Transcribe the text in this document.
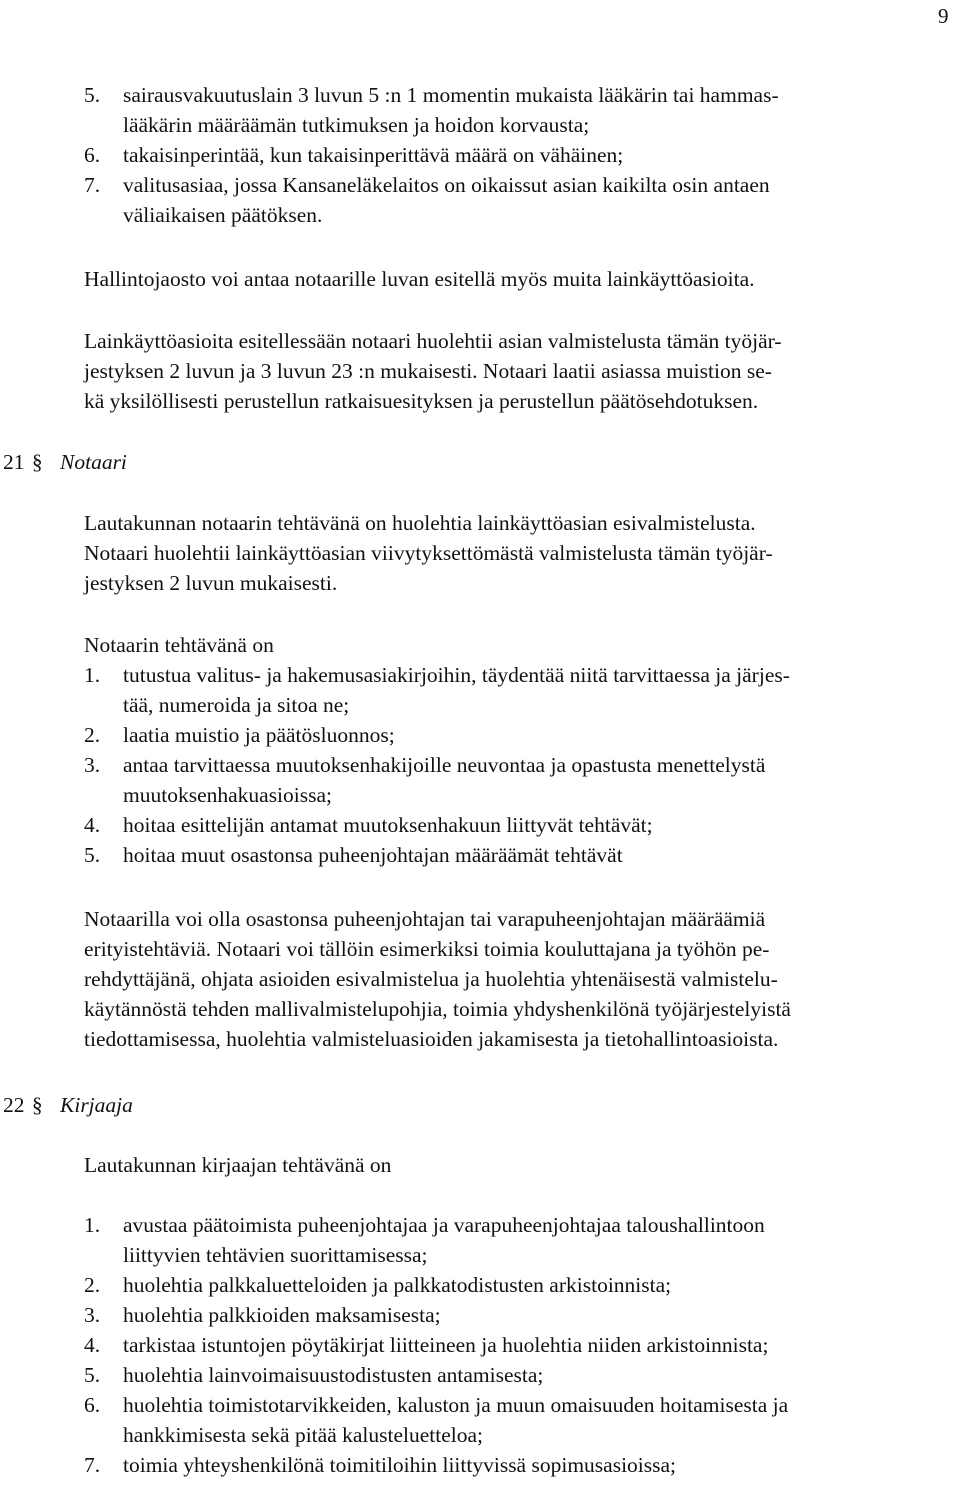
9
5. sairausvakuutuslain 3 luvun 5 :n 1 momentin mukaista lääkärin tai hammas-
lääkärin määräämän tutkimuksen ja hoidon korvausta;
6. takaisinperintää, kun takaisinperittävä määrä on vähäinen;
7. valitusasiaa, jossa Kansaneläkelaitos on oikaissut asian kaikilta osin antaen
väliaikaisen päätöksen.
Hallintojaosto voi antaa notaarille luvan esitellä myös muita lainkäyttöasioita.
Lainkäyttöasioita esitellessään notaari huolehtii asian valmistelusta tämän työjär-
jestyksen 2 luvun ja 3 luvun 23 :n mukaisesti. Notaari laatii asiassa muistion se-
kä yksilöllisesti perustellun ratkaisuesityksen ja perustellun päätösehdotuksen.
21 § Notaari
Lautakunnan notaarin tehtävänä on huolehtia lainkäyttöasian esivalmistelusta.
Notaari huolehtii lainkäyttöasian viivytyksettömästä valmistelusta tämän työjär-
jestyksen 2 luvun mukaisesti.
Notaarin tehtävänä on
1. tutustua valitus- ja hakemusasiakirjoihin, täydentää niitä tarvittaessa ja järjes-
tää, numeroida ja sitoa ne;
2. laatia muistio ja päätösluonnos;
3. antaa tarvittaessa muutoksenhakijoille neuvontaa ja opastusta menettelystä
muutoksenhakuasioissa;
4. hoitaa esittelijän antamat muutoksenhakuun liittyvät tehtävät;
5. hoitaa muut osastonsa puheenjohtajan määräämät tehtävät
Notaarilla voi olla osastonsa puheenjohtajan tai varapuheenjohtajan määräämiä
erityistehtäviä. Notaari voi tällöin esimerkiksi toimia kouluttajana ja työhön pe-
rehdyttäjänä, ohjata asioiden esivalmistelua ja huolehtia yhtenäisestä valmistelu-
käytännöstä tehden mallivalmistelupohjia, toimia yhdyshenkilönä työjärjestelyistä
tiedottamisessa, huolehtia valmisteluasioiden jakamisesta ja tietohallintoasioista.
22 § Kirjaaja
Lautakunnan kirjaajan tehtävänä on
1. avustaa päätoimista puheenjohtajaa ja varapuheenjohtajaa taloushallintoon
liittyvien tehtävien suorittamisessa;
2. huolehtia palkkaluetteloiden ja palkkatodistusten arkistoinnista;
3. huolehtia palkkioiden maksamisesta;
4. tarkistaa istuntojen pöytäkirjat liitteineen ja huolehtia niiden arkistoinnista;
5. huolehtia lainvoimaisuustodistusten antamisesta;
6. huolehtia toimistotarvikkeiden, kaluston ja muun omaisuuden hoitamisesta ja
hankkimisesta sekä pitää kalusteluetteloa;
7. toimia yhteyshenkilönä toimitiloihin liittyvissä sopimusasioissa;
